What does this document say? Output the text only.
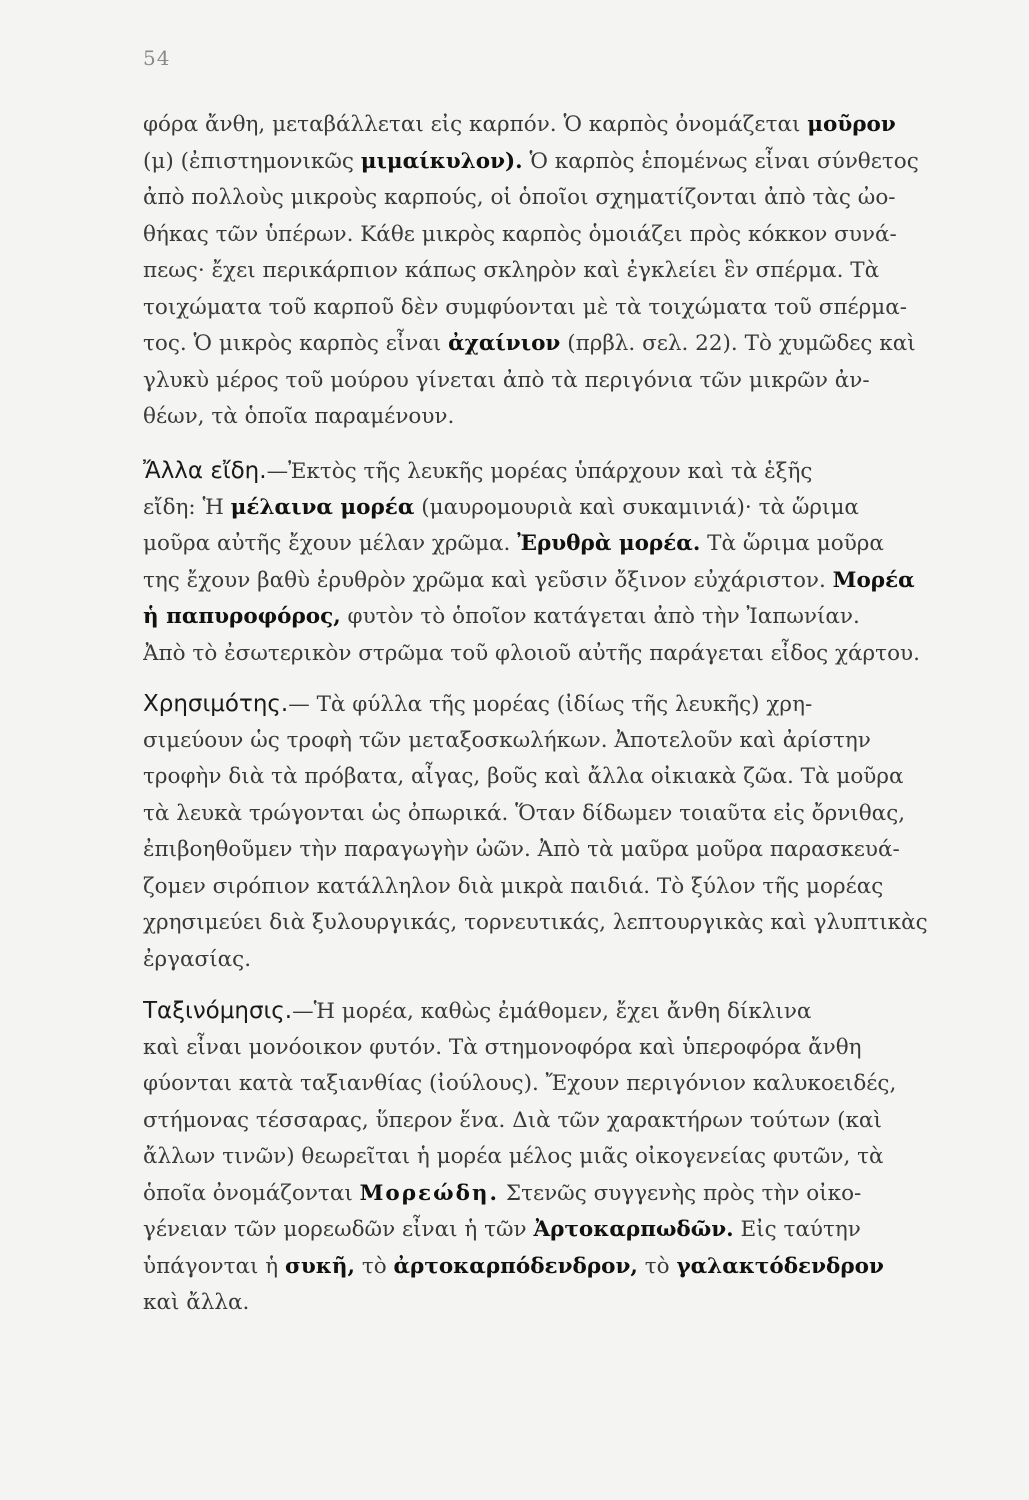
54
φόρα ἄνθη, μεταβάλλεται εἰς καρπόν. Ὁ καρπὸς ὀνομάζεται μοῦρον
(μ) (ἐπιστημονικῶς μιμαίκυλον). Ὁ καρπὸς ἑπομένως εἶναι σύνθετος
ἀπὸ πολλοὺς μικροὺς καρπούς, οἱ ὁποῖοι σχηματίζονται ἀπὸ τὰς ὠο-
θήκας τῶν ὑπέρων. Κάθε μικρὸς καρπὸς ὁμοιάζει πρὸς κόκκον συνά-
πεως· ἔχει περικάρπιον κάπως σκληρὸν καὶ ἐγκλείει ἓν σπέρμα. Τὰ
τοιχώματα τοῦ καρποῦ δὲν συμφύονται μὲ τὰ τοιχώματα τοῦ σπέρμα-
τος. Ὁ μικρὸς καρπὸς εἶναι ἀχαίνιον (πρβλ. σελ. 22). Τὸ χυμῶδες καὶ
γλυκὺ μέρος τοῦ μούρου γίνεται ἀπὸ τὰ περιγόνια τῶν μικρῶν ἀν-
θέων, τὰ ὁποῖα παραμένουν.
Ἄλλα εἴδη.—Ἐκτὸς τῆς λευκῆς μορέας ὑπάρχουν καὶ τὰ ἑξῆς
εἴδη: Ἡ μέλαινα μορέα (μαυρομουριὰ καὶ συκαμινιά)· τὰ ὥριμα
μοῦρα αὐτῆς ἔχουν μέλαν χρῶμα. Ἐρυθρὰ μορέα. Τὰ ὥριμα μοῦρα
της ἔχουν βαθὺ ἐρυθρὸν χρῶμα καὶ γεῦσιν ὄξινον εὐχάριστον. Μορέα
ἡ παπυροφόρος, φυτὸν τὸ ὁποῖον κατάγεται ἀπὸ τὴν Ἰαπωνίαν.
Ἀπὸ τὸ ἐσωτερικὸν στρῶμα τοῦ φλοιοῦ αὐτῆς παράγεται εἶδος χάρτου.
Χρησιμότης.— Τὰ φύλλα τῆς μορέας (ἰδίως τῆς λευκῆς) χρη-
σιμεύουν ὡς τροφὴ τῶν μεταξοσκωλήκων. Ἀποτελοῦν καὶ ἀρίστην
τροφὴν διὰ τὰ πρόβατα, αἶγας, βοῦς καὶ ἄλλα οἰκιακὰ ζῶα. Τὰ μοῦρα
τὰ λευκὰ τρώγονται ὡς ὀπωρικά. Ὅταν δίδωμεν τοιαῦτα εἰς ὄρνιθας,
ἐπιβοηθοῦμεν τὴν παραγωγὴν ὠῶν. Ἀπὸ τὰ μαῦρα μοῦρα παρασκευά-
ζομεν σιρόπιον κατάλληλον διὰ μικρὰ παιδιά. Τὸ ξύλον τῆς μορέας
χρησιμεύει διὰ ξυλουργικάς, τορνευτικάς, λεπτουργικὰς καὶ γλυπτικὰς
ἐργασίας.
Ταξινόμησις.—Ἡ μορέα, καθὼς ἐμάθομεν, ἔχει ἄνθη δίκλινα
καὶ εἶναι μονόοικον φυτόν. Τὰ στημονοφόρα καὶ ὑπεροφόρα ἄνθη
φύονται κατὰ ταξιανθίας (ἰούλους). Ἔχουν περιγόνιον καλυκοειδές,
στήμονας τέσσαρας, ὕπερον ἕνα. Διὰ τῶν χαρακτήρων τούτων (καὶ
ἄλλων τινῶν) θεωρεῖται ἡ μορέα μέλος μιᾶς οἰκογενείας φυτῶν, τὰ
ὁποῖα ὀνομάζονται Μορεώδη. Στενῶς συγγενὴς πρὸς τὴν οἰκο-
γένειαν τῶν μορεωδῶν εἶναι ἡ τῶν Ἀρτοκαρπωδῶν. Εἰς ταύτην
ὑπάγονται ἡ συκῆ, τὸ ἀρτοκαρπόδενδρον, τὸ γαλακτόδενδρον
καὶ ἄλλα.
